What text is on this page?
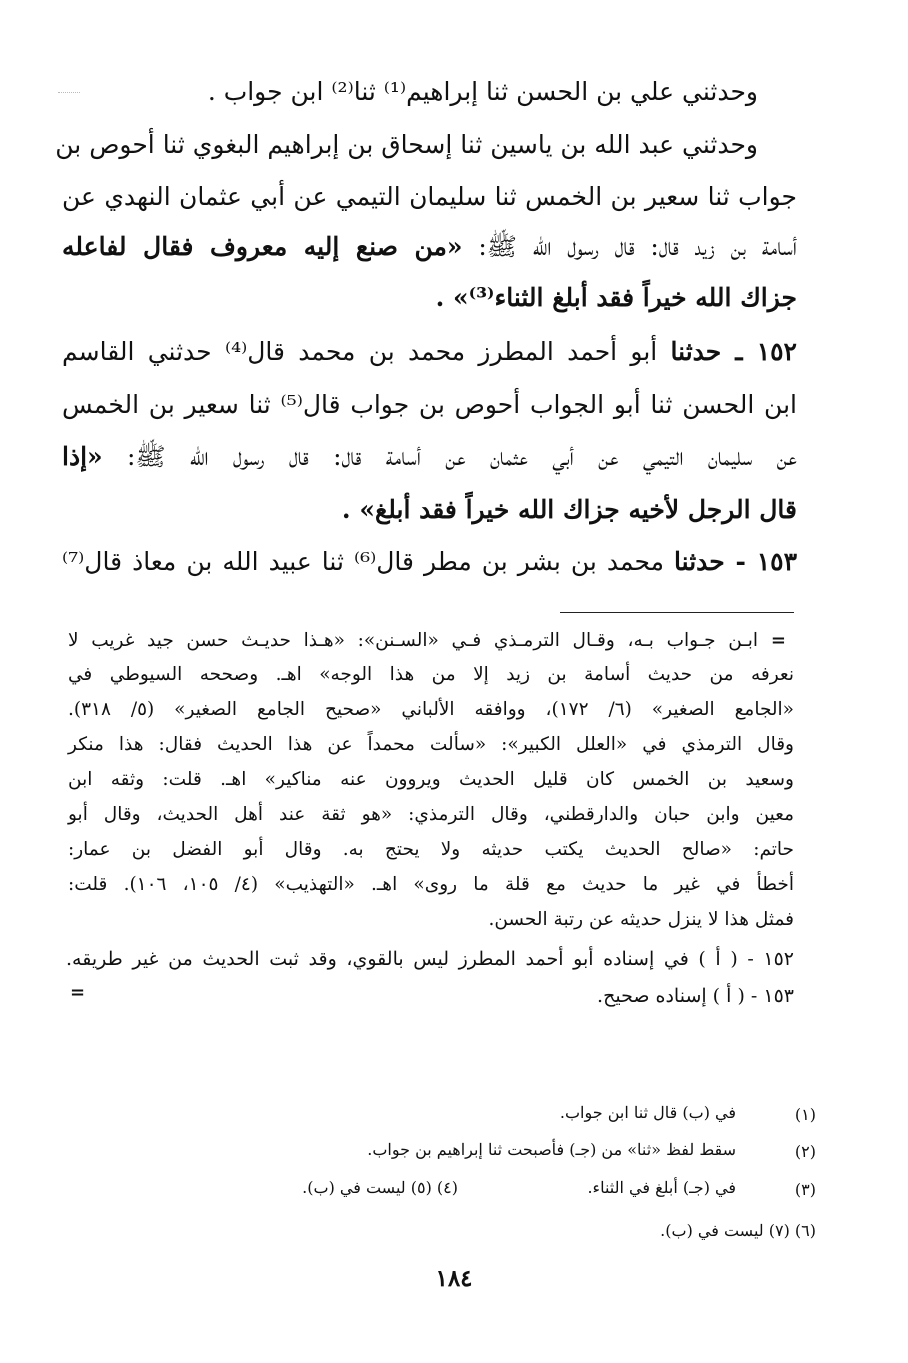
وحدثني علي بن الحسن ثنا إبراهيم⁽¹⁾ ثنا⁽²⁾ ابن جواب .
وحدثني عبد الله بن ياسين ثنا إسحاق بن إبراهيم البغوي ثنا أحوص بن
جواب ثنا سعير بن الخمس ثنا سليمان التيمي عن أبي عثمان النهدي عن
أسامة بن زيد قال: قال رسول الله ﷺ: «من صنع إليه معروف فقال لفاعله
جزاك الله خيراً فقد أبلغ الثناء⁽³⁾» .
١٥٢ ـ حدثنا أبو أحمد المطرز محمد بن محمد قال⁽⁴⁾ حدثني القاسم
ابن الحسن ثنا أبو الجواب أحوص بن جواب قال⁽⁵⁾ ثنا سعير بن الخمس
عن سليمان التيمي عن أبي عثمان عن أسامة قال: قال رسول الله ﷺ: «إذا
قال الرجل لأخيه جزاك الله خيراً فقد أبلغ» .
١٥٣ - حدثنا محمد بن بشر بن مطر قال⁽⁶⁾ ثنا عبيد الله بن معاذ قال⁽⁷⁾
=
ابـن جـواب بـه، وقـال الترمـذي فـي «السـنن»: «هـذا حديـث حسن جيد غريب لا
نعرفه من حديث أسامة بن زيد إلا من هذا الوجه» اهـ. وصححه السيوطي في
«الجامع الصغير» (٦/ ١٧٢)، ووافقه الألباني «صحيح الجامع الصغير» (٥/ ٣١٨).
وقال الترمذي في «العلل الكبير»: «سألت محمداً عن هذا الحديث فقال: هذا منكر
وسعيد بن الخمس كان قليل الحديث ويروون عنه مناكير» اهـ. قلت: وثقه ابن
معين وابن حبان والدارقطني، وقال الترمذي: «هو ثقة عند أهل الحديث، وقال أبو
حاتم: «صالح الحديث يكتب حديثه ولا يحتج به. وقال أبو الفضل بن عمار:
أخطأ في غير ما حديث مع قلة ما روى» اهـ. «التهذيب» (٤/ ١٠٥، ١٠٦). قلت:
فمثل هذا لا ينزل حديثه عن رتبة الحسن.
١٥٢ - ( أ ) في إسناده أبو أحمد المطرز ليس بالقوي، وقد ثبت الحديث من غير طريقه.
١٥٣ - ( أ ) إسناده صحيح.
=
(١)
في (ب) قال ثنا ابن جواب.
(٢)
سقط لفظ «ثنا» من (جـ) فأصبحت ثنا إبراهيم بن جواب.
(٣)
في (جـ) أبلغ في الثناء.
(٤) (٥) ليست في (ب).
(٦) (٧) ليست في (ب).
١٨٤
